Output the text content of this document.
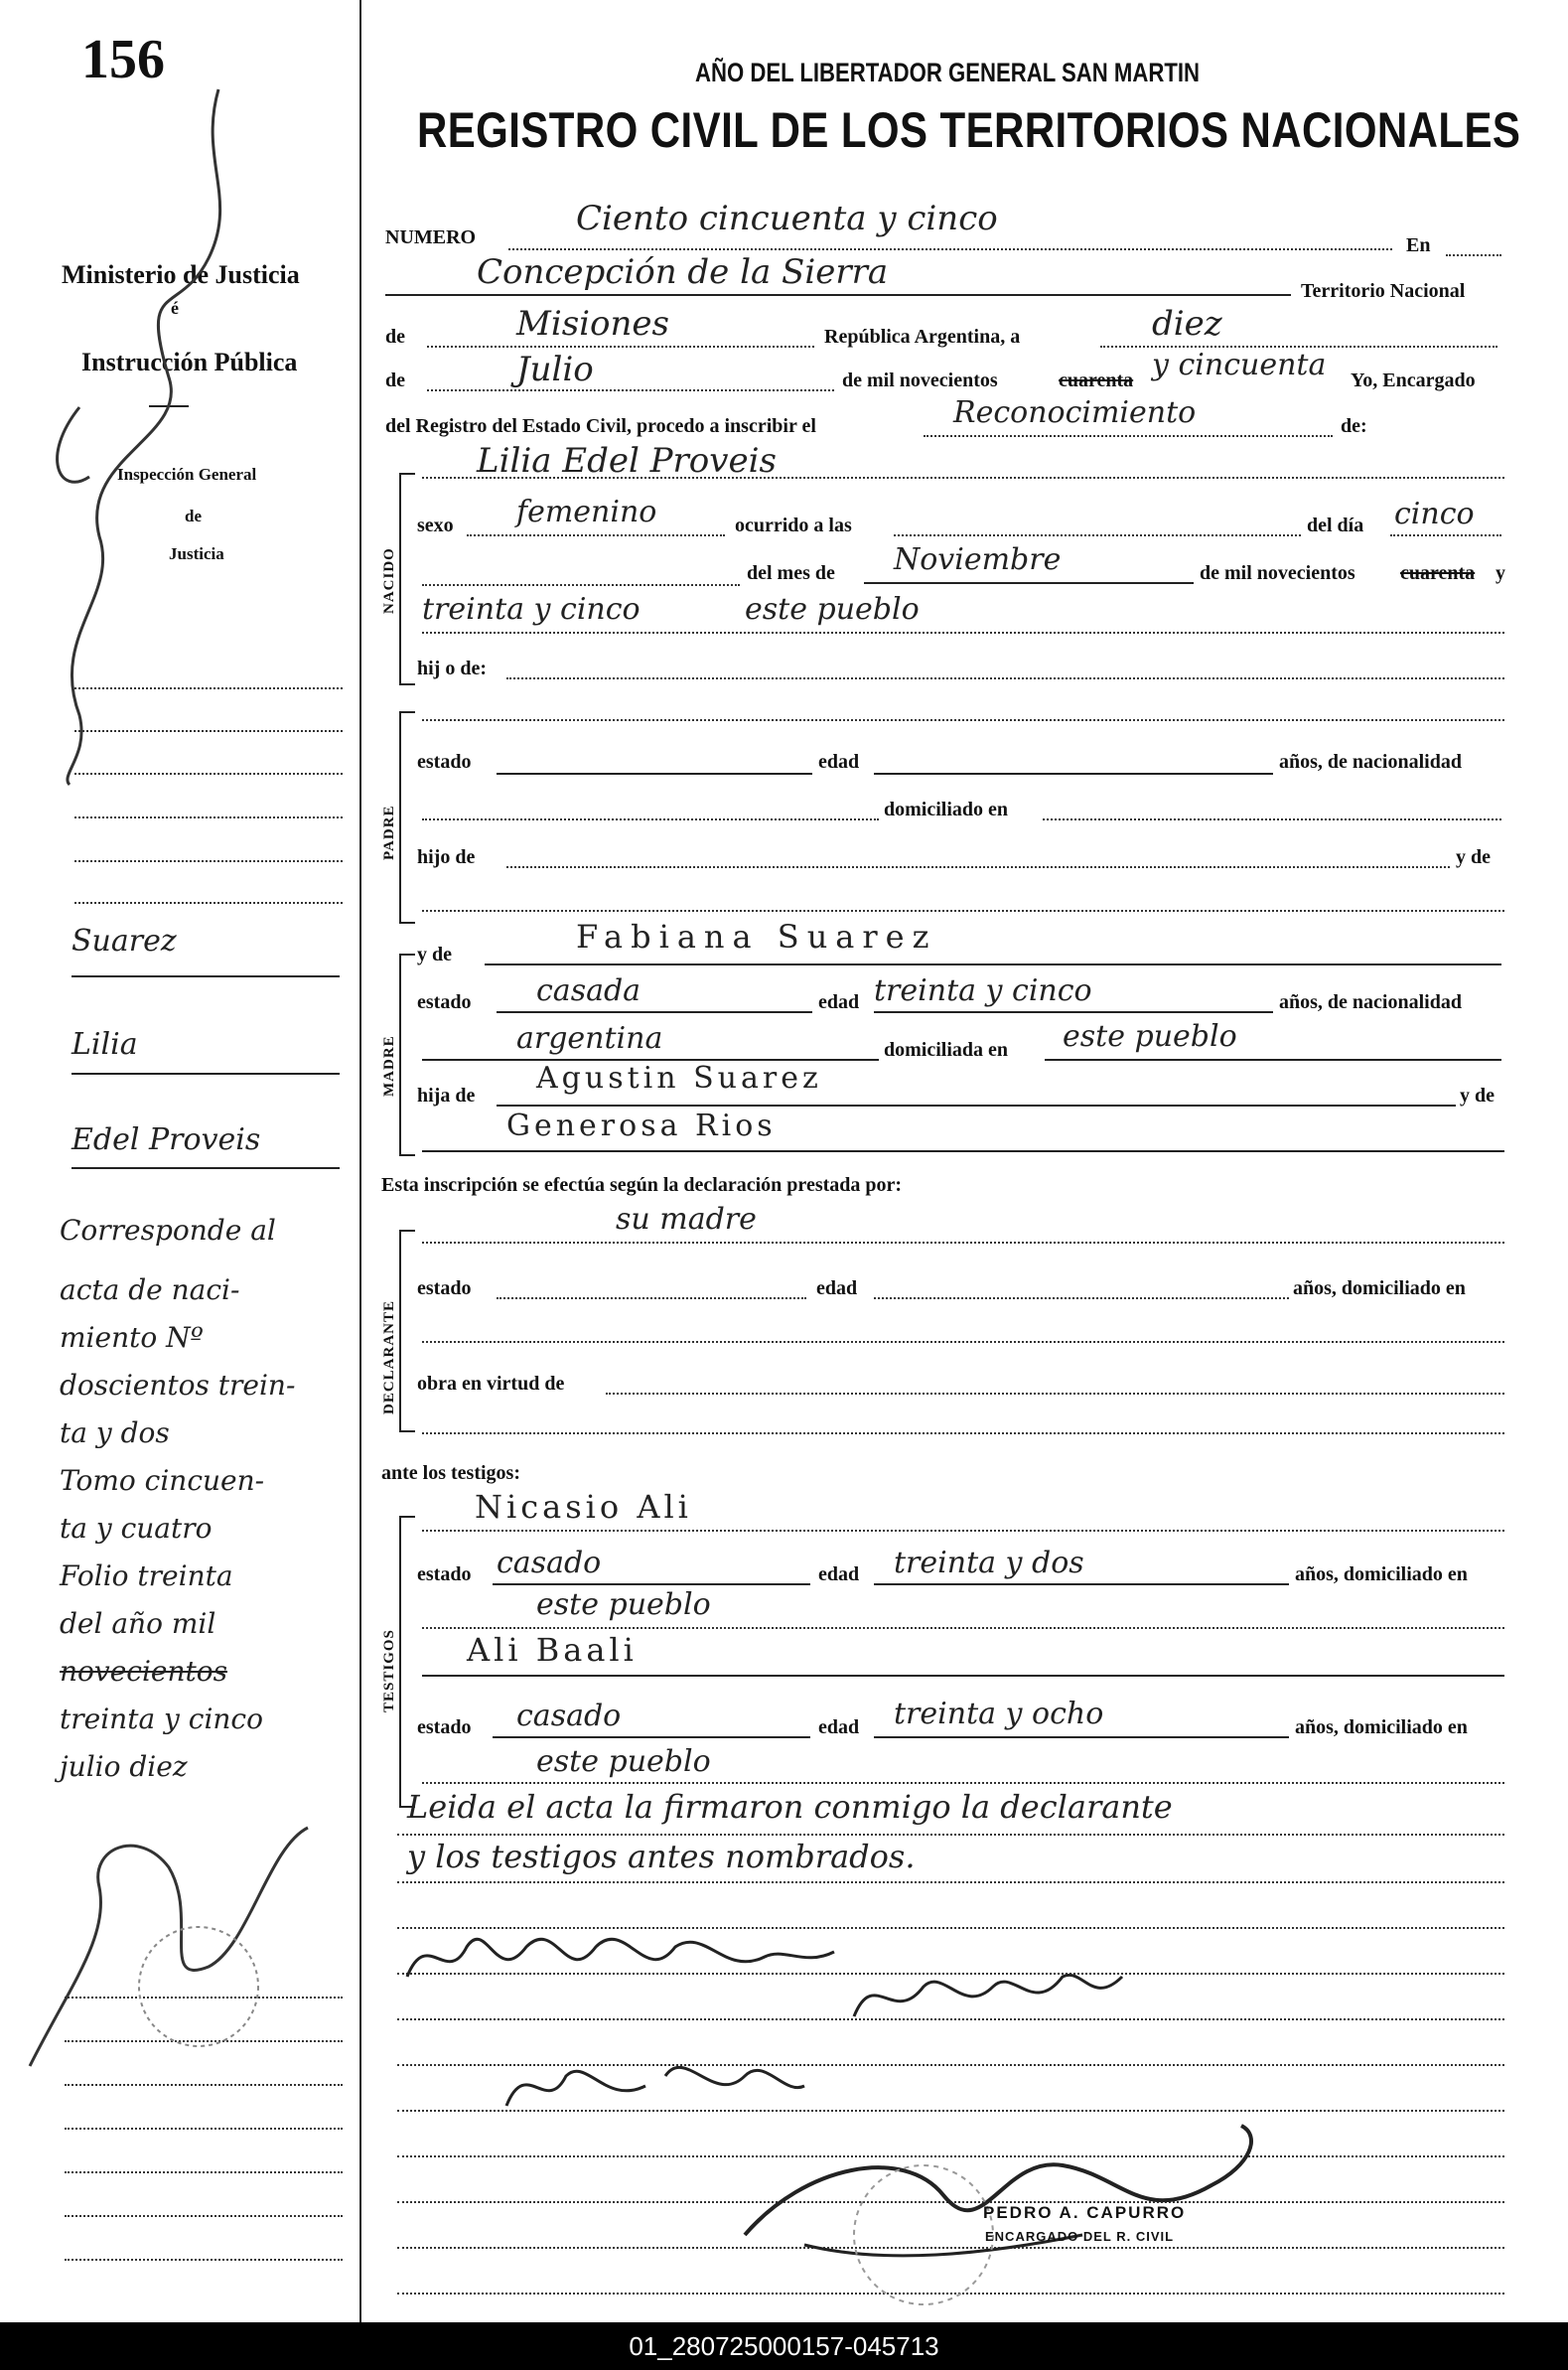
156
Ministerio de Justicia
é
Instrucción Pública
Inspección General
de
Justicia
Suarez
Lilia
Edel Proveis
Corresponde al
acta de naci-
miento Nº
doscientos trein-
ta y dos
Tomo cincuen-
ta y cuatro
Folio treinta
del año mil
novecientos
treinta y cinco
julio diez
AÑO DEL LIBERTADOR GENERAL SAN MARTIN
REGISTRO CIVIL DE LOS TERRITORIOS NACIONALES
NUMERO	Ciento cincuenta y cinco
En
Concepción de la Sierra	Territorio Nacional
de	Misiones	República Argentina, a	diez
de	Julio	de mil novecientos	cuarenta y cincuenta Yo, Encargado
del Registro del Estado Civil, procedo a inscribir el	Reconocimiento	de:
NACIDO
Lilia Edel Proveis
sexo femenino	ocurrido a las	del día cinco
del mes de Noviembre	de mil novecientos cuarenta y
treinta y cinco	este pueblo
hij o de:
PADRE
estado	edad	años, de nacionalidad
domiciliado en
hijo de	y de
MADRE
y de	Fabiana Suarez
estado casada	edad treinta y cinco	años, de nacionalidad
argentina	domiciliada en este pueblo
hija de Agustin Suarez	y de
Generosa Rios
Esta inscripción se efectúa según la declaración prestada por:
DECLARANTE
su madre
estado	edad	años, domiciliado en
obra en virtud de
ante los testigos:
TESTIGOS
Nicasio Ali
estado casado	edad treinta y dos	años, domiciliado en
este pueblo
Ali Baali
estado casado	edad treinta y ocho	años, domiciliado en
este pueblo
Leida el acta la firmaron conmigo la declarante
y los testigos antes nombrados.
PEDRO A. CAPURRO
ENCARGADO DEL R. CIVIL
01_280725000157-045713
